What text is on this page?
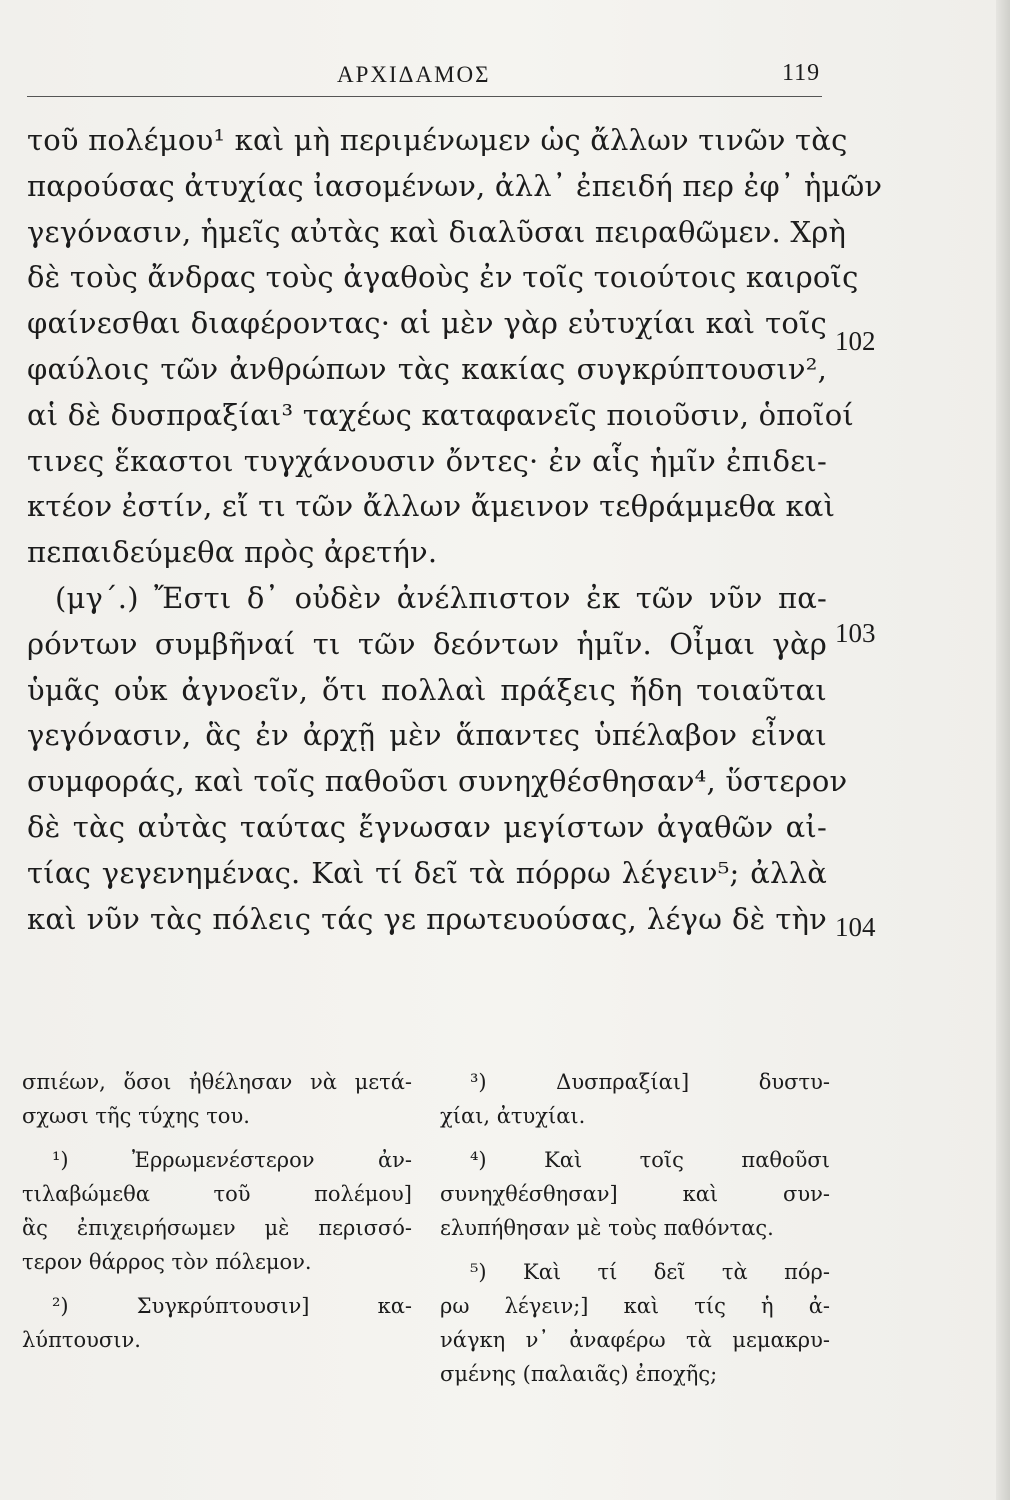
ΑΡΧΙΔΑΜΟΣ	119
τοῦ πολέμου¹ καὶ μὴ περιμένωμεν ὡς ἄλλων τινῶν τὰς
παρούσας ἀτυχίας ἰασομένων, ἀλλ᾽ ἐπειδή περ ἐφ᾽ ἡμῶν
γεγόνασιν, ἡμεῖς αὐτὰς καὶ διαλῦσαι πειραθῶμεν. Χρὴ
δὲ τοὺς ἄνδρας τοὺς ἀγαθοὺς ἐν τοῖς τοιούτοις καιροῖς
φαίνεσθαι διαφέροντας· αἱ μὲν γὰρ εὐτυχίαι καὶ τοῖς
φαύλοις τῶν ἀνθρώπων τὰς κακίας συγκρύπτουσιν²,
αἱ δὲ δυσπραξίαι³ ταχέως καταφανεῖς ποιοῦσιν, ὁποῖοί
τινες ἕκαστοι τυγχάνουσιν ὄντες· ἐν αἷς ἡμῖν ἐπιδει-
κτέον ἐστίν, εἴ τι τῶν ἄλλων ἄμεινον τεθράμμεθα καὶ
πεπαιδεύμεθα πρὸς ἀρετήν.
(μγ΄.) Ἔστι δ᾽ οὐδὲν ἀνέλπιστον ἐκ τῶν νῦν πα-
ρόντων συμβῆναί τι τῶν δεόντων ἡμῖν. Οἶμαι γὰρ
ὑμᾶς οὐκ ἀγνοεῖν, ὅτι πολλαὶ πράξεις ἤδη τοιαῦται
γεγόνασιν, ἃς ἐν ἀρχῇ μὲν ἅπαντες ὑπέλαβον εἶναι
συμφοράς, καὶ τοῖς παθοῦσι συνηχθέσθησαν⁴, ὕστερον
δὲ τὰς αὐτὰς ταύτας ἔγνωσαν μεγίστων ἀγαθῶν αἰ-
τίας γεγενημένας. Καὶ τί δεῖ τὰ πόρρω λέγειν⁵; ἀλλὰ
καὶ νῦν τὰς πόλεις τάς γε πρωτευούσας, λέγω δὲ τὴν
102
103
104
σπιέων, ὅσοι ἠθέλησαν νὰ μετά-
σχωσι τῆς τύχης του.
¹) Ἐρρωμενέστερον ἀν-
τιλαβώμεθα τοῦ πολέμου]
ἃς ἐπιχειρήσωμεν μὲ περισσό-
τερον θάρρος τὸν πόλεμον.
²) Συγκρύπτουσιν] κα-
λύπτουσιν.
³) Δυσπραξίαι] δυστυ-
χίαι, ἀτυχίαι.
⁴) Καὶ τοῖς παθοῦσι
συνηχθέσθησαν] καὶ συν-
ελυπήθησαν μὲ τοὺς παθόντας.
⁵) Καὶ τί δεῖ τὰ πόρ-
ρω λέγειν;] καὶ τίς ἡ ἀ-
νάγκη ν᾽ ἀναφέρω τὰ μεμακρυ-
σμένης (παλαιᾶς) ἐποχῆς;
